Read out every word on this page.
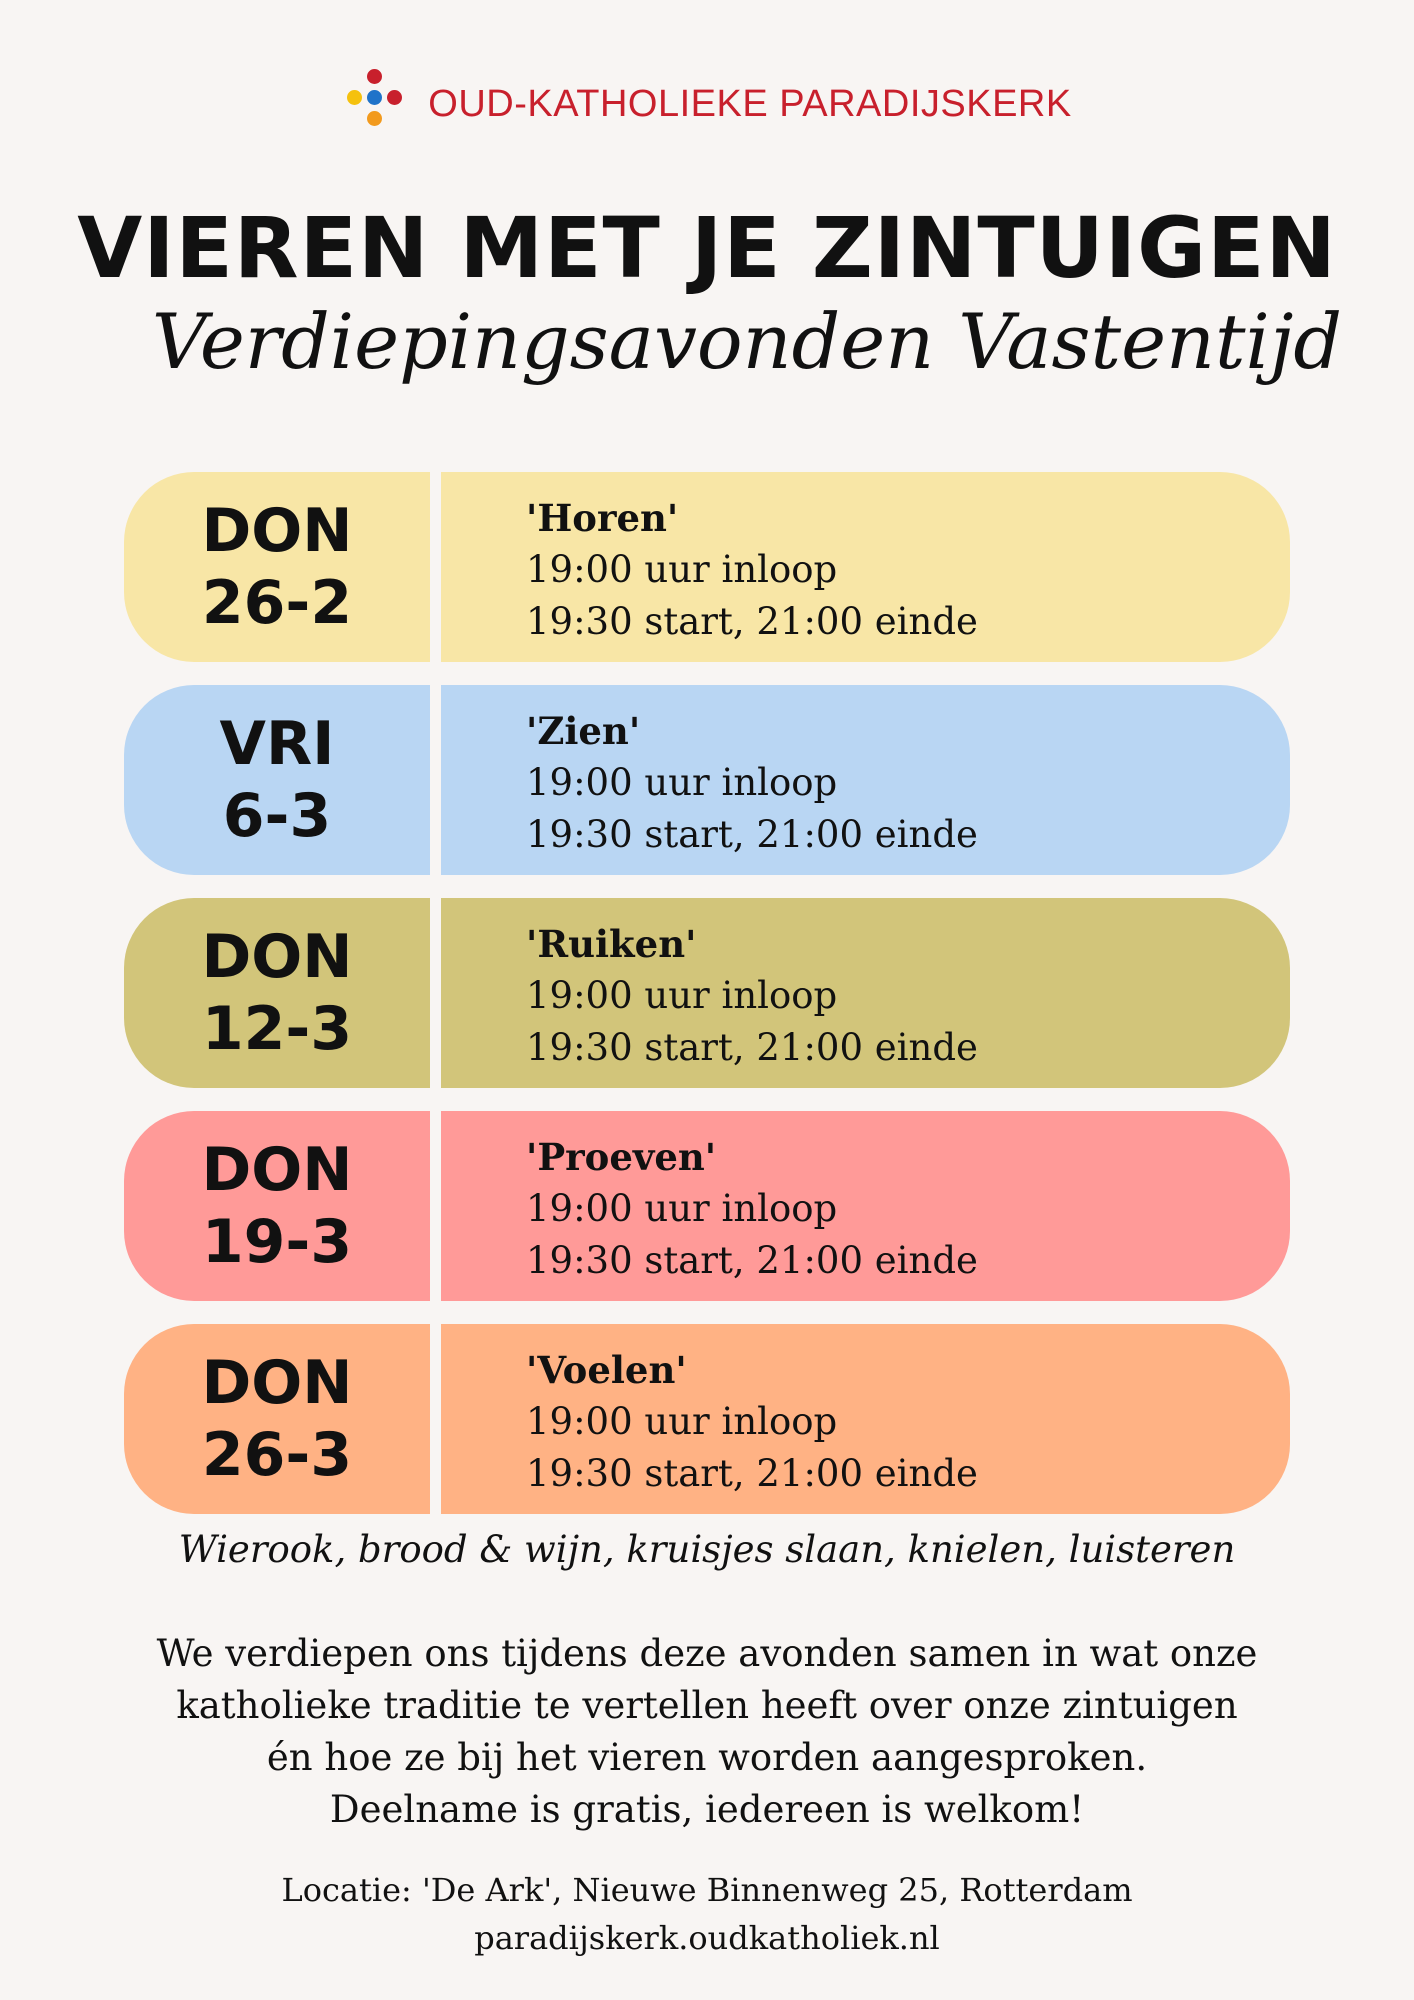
OUD-KATHOLIEKE PARADIJSKERK
VIEREN MET JE ZINTUIGEN
Verdiepingsavonden Vastentijd
DON
26-2
'Horen'
19:00 uur inloop
19:30 start, 21:00 einde
VRI
6-3
'Zien'
19:00 uur inloop
19:30 start, 21:00 einde
DON
12-3
'Ruiken'
19:00 uur inloop
19:30 start, 21:00 einde
DON
19-3
'Proeven'
19:00 uur inloop
19:30 start, 21:00 einde
DON
26-3
'Voelen'
19:00 uur inloop
19:30 start, 21:00 einde
Wierook, brood & wijn, kruisjes slaan, knielen, luisteren
We verdiepen ons tijdens deze avonden samen in wat onze
katholieke traditie te vertellen heeft over onze zintuigen
én hoe ze bij het vieren worden aangesproken.
Deelname is gratis, iedereen is welkom!
Locatie: 'De Ark', Nieuwe Binnenweg 25, Rotterdam
paradijskerk.oudkatholiek.nl
